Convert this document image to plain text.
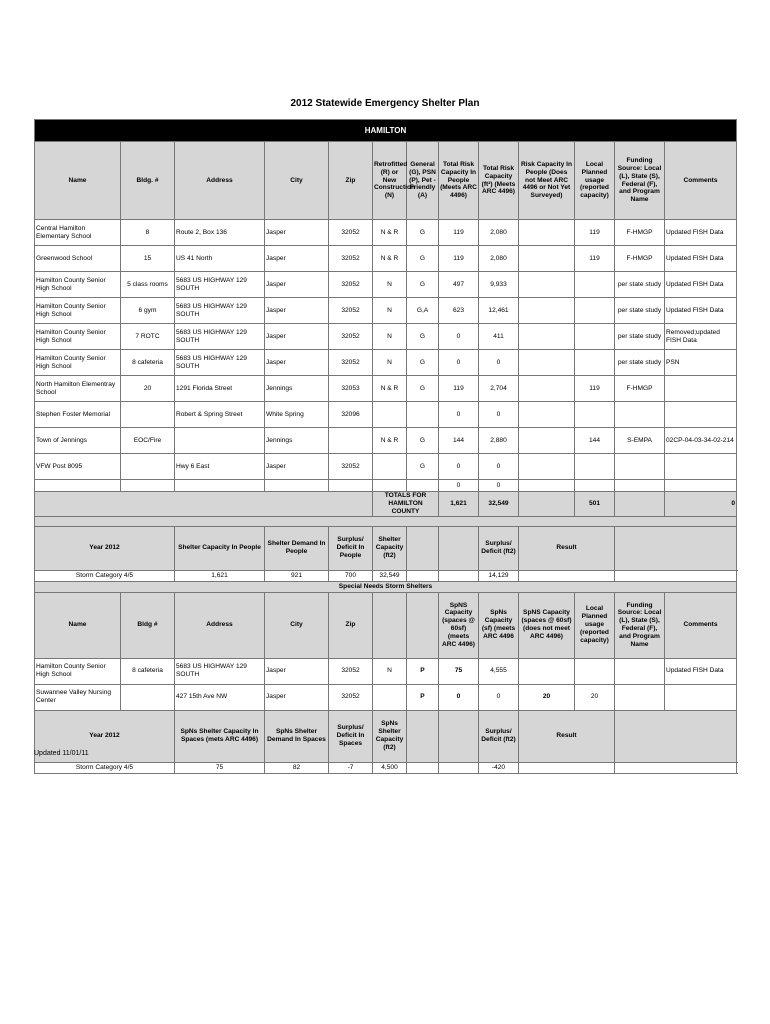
2012 Statewide Emergency Shelter Plan
HAMILTON												
Name	Bldg. #	Address	City	Zip	Retrofitted (R) or New Construction (N)	General (G), PSN (P), Pet - Friendly (A)	Total Risk Capacity In People (Meets ARC 4496)	Total Risk Capacity (ft²) (Meets ARC 4496)	Risk Capacity In People (Does not Meet ARC 4496 or Not Yet Surveyed)	Local Planned usage (reported capacity)	Funding Source: Local (L), State (S), Federal (F), and Program Name	Comments
Central Hamilton Elementary School	8	Route 2, Box 136	Jasper	32052	N & R	G	119	2,080		119	F-HMGP	Updated FISH Data
Greenwood School	15	US 41 North	Jasper	32052	N & R	G	119	2,080		119	F-HMGP	Updated FISH Data
Hamilton County Senior High School	5 class rooms	5683 US HIGHWAY 129 SOUTH	Jasper	32052	N	G	497	9,933			per state study	Updated FISH Data
Hamilton County Senior High School	6 gym	5683 US HIGHWAY 129 SOUTH	Jasper	32052	N	G,A	623	12,461			per state study	Updated FISH Data
Hamilton County Senior High School	7 ROTC	5683 US HIGHWAY 129 SOUTH	Jasper	32052	N	G	0	411			per state study	Removed;updated FISH Data
Hamilton County Senior High School	8 cafeteria	5683 US HIGHWAY 129 SOUTH	Jasper	32052	N	G	0	0			per state study	PSN
North Hamilton Elementray School	20	1291 Florida Street	Jennings	32053	N & R	G	119	2,704		119	F-HMGP	
Stephen Foster Memorial		Robert & Spring Street	White Spring	32096			0	0				
Town of Jennings	EOC/Fire		Jennings		N & R	G	144	2,880		144	S-EMPA	02CP-04-03-34-02-214
VFW Post 8095		Hwy 6 East	Jasper	32052		G	0	0				
							0	0				
					TOTALS FOR HAMILTON COUNTY		1,621	32,549		501		0

Year 2012		Shelter Capacity In People	Shelter Demand In People	Surplus/ Deficit In People	Shelter Capacity (ft2)			Surplus/ Deficit (ft2)	Result			
Storm Category 4/5		1,621	921	700	32,549			14,129				
Special Needs Storm Shelters												
Name	Bldg #	Address	City	Zip			SpNS Capacity (spaces @ 60sf) (meets ARC 4496)	SpNs Capacity (sf) (meets ARC 4496	SpNS Capacity (spaces @ 60sf) (does not meet ARC 4496)	Local Planned usage (reported capacity)	Funding Source: Local (L), State (S), Federal (F), and Program Name	Comments
Hamilton County Senior High School	8 cafeteria	5683 US HIGHWAY 129 SOUTH	Jasper	32052	N	P	75	4,555				Updated FISH Data
Suwannee Valley Nursing Center		427 15th Ave NW	Jasper	32052		P	0	0	20	20		
Year 2012		SpNs Shelter Capacity In Spaces (mets ARC 4496)	SpNs Shelter Demand In Spaces	Surplus/ Deficit In Spaces	SpNs Shelter Capacity (ft2)			Surplus/ Deficit (ft2)	Result			
Storm Category 4/5		75	82	-7	4,500			-420				
Updated 11/01/11
